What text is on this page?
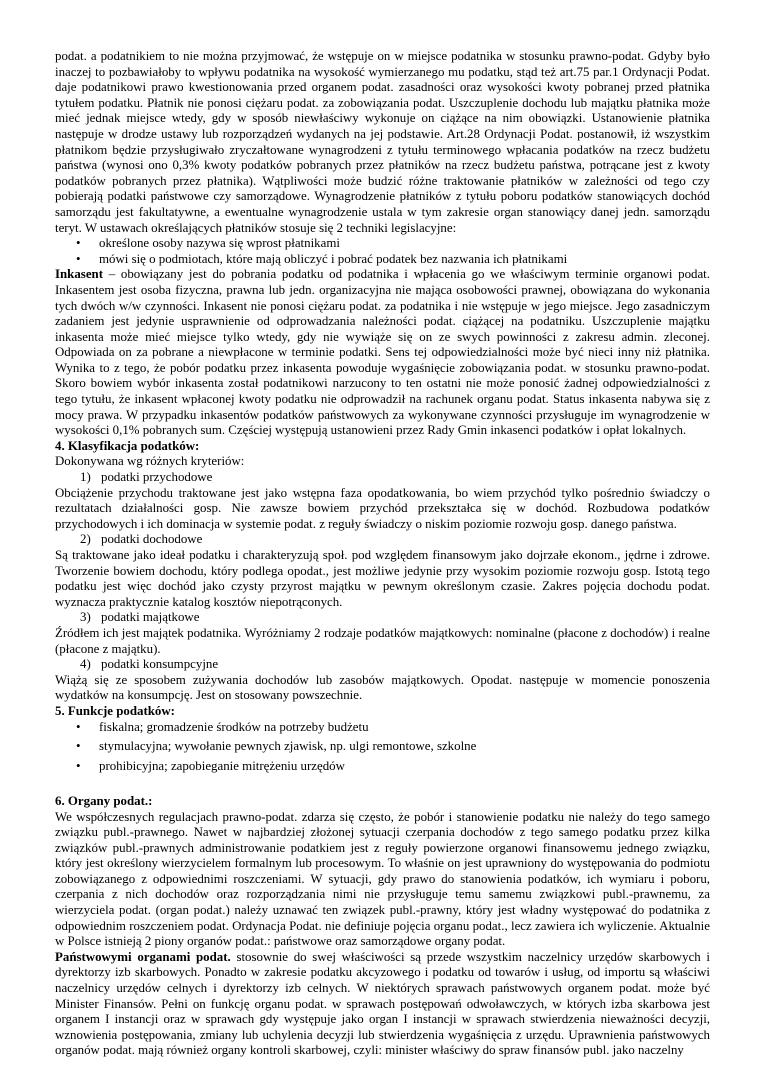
podat. a podatnikiem to nie można przyjmować, że wstępuje on w miejsce podatnika w stosunku prawno-podat. Gdyby było inaczej to pozbawiałoby to wpływu podatnika na wysokość wymierzanego mu podatku, stąd też art.75 par.1 Ordynacji Podat. daje podatnikowi prawo kwestionowania przed organem podat. zasadności oraz wysokości kwoty pobranej przed płatnika tytułem podatku. Płatnik nie ponosi ciężaru podat. za zobowiązania podat. Uszczuplenie dochodu lub majątku płatnika może mieć jednak miejsce wtedy, gdy w sposób niewłaściwy wykonuje on ciążące na nim obowiązki. Ustanowienie płatnika następuje w drodze ustawy lub rozporządzeń wydanych na jej podstawie. Art.28 Ordynacji Podat. postanowił, iż wszystkim płatnikom będzie przysługiwało zryczałtowane wynagrodzeni z tytułu terminowego wpłacania podatków na rzecz budżetu państwa (wynosi ono 0,3% kwoty podatków pobranych przez płatników na rzecz budżetu państwa, potrącane jest z kwoty podatków pobranych przez płatnika). Wątpliwości może budzić różne traktowanie płatników w zależności od tego czy pobierają podatki państwowe czy samorządowe. Wynagrodzenie płatników z tytułu poboru podatków stanowiących dochód samorządu jest fakultatywne, a ewentualne wynagrodzenie ustala w tym zakresie organ stanowiący danej jedn. samorządu teryt. W ustawach określających płatników stosuje się 2 techniki legislacyjne:

• określone osoby nazywa się wprost płatnikami
• mówi się o podmiotach, które mają obliczyć i pobrać podatek bez nazwania ich płatnikami

Inkasent – obowiązany jest do pobrania podatku od podatnika i wpłacenia go we właściwym terminie organowi podat. Inkasentem jest osoba fizyczna, prawna lub jedn. organizacyjna nie mająca osobowości prawnej, obowiązana do wykonania tych dwóch w/w czynności. Inkasent nie ponosi ciężaru podat. za podatnika i nie wstępuje w jego miejsce. Jego zasadniczym zadaniem jest jedynie usprawnienie od odprowadzania należności podat. ciążącej na podatniku. Uszczuplenie majątku inkasenta może mieć miejsce tylko wtedy, gdy nie wywiąże się on ze swych powinności z zakresu admin. zleconej. Odpowiada on za pobrane a niewpłacone w terminie podatki. Sens tej odpowiedzialności może być nieci inny niż płatnika. Wynika to z tego, że pobór podatku przez inkasenta powoduje wygaśnięcie zobowiązania podat. w stosunku prawno-podat. Skoro bowiem wybór inkasenta został podatnikowi narzucony to ten ostatni nie może ponosić żadnej odpowiedzialności z tego tytułu, że inkasent wpłaconej kwoty podatku nie odprowadził na rachunek organu podat. Status inkasenta nabywa się z mocy prawa. W przypadku inkasentów podatków państwowych za wykonywane czynności przysługuje im wynagrodzenie w wysokości 0,1% pobranych sum. Częściej występują ustanowieni przez Rady Gmin inkasenci podatków i opłat lokalnych.

4. Klasyfikacja podatków:

Dokonywana wg różnych kryteriów:

1) podatki przychodowe

Obciążenie przychodu traktowane jest jako wstępna faza opodatkowania, bo wiem przychód tylko pośrednio świadczy o rezultatach działalności gosp. Nie zawsze bowiem przychód przekształca się w dochód. Rozbudowa podatków przychodowych i ich dominacja w systemie podat. z reguły świadczy o niskim poziomie rozwoju gosp. danego państwa.

2) podatki dochodowe

Są traktowane jako ideał podatku i charakteryzują społ. pod względem finansowym jako dojrzałe ekonom., jędrne i zdrowe. Tworzenie bowiem dochodu, który podlega opodat., jest możliwe jedynie przy wysokim poziomie rozwoju gosp. Istotą tego podatku jest więc dochód jako czysty przyrost majątku w pewnym określonym czasie. Zakres pojęcia dochodu podat. wyznacza praktycznie katalog kosztów niepotrąconych.

3) podatki majątkowe

Źródłem ich jest majątek podatnika. Wyróżniamy 2 rodzaje podatków majątkowych: nominalne (płacone z dochodów) i realne (płacone z majątku).

4) podatki konsumpcyjne

Wiążą się ze sposobem zużywania dochodów lub zasobów majątkowych. Opodat. następuje w momencie ponoszenia wydatków na konsumpcję. Jest on stosowany powszechnie.

5. Funkcje podatków:

• fiskalna; gromadzenie środków na potrzeby budżetu
• stymulacyjna; wywołanie pewnych zjawisk, np. ulgi remontowe, szkolne
• prohibicyjna; zapobieganie mitrężeniu urzędów

6. Organy podat.:

We współczesnych regulacjach prawno-podat. zdarza się często, że pobór i stanowienie podatku nie należy do tego samego związku publ.-prawnego. Nawet w najbardziej złożonej sytuacji czerpania dochodów z tego samego podatku przez kilka związków publ.-prawnych administrowanie podatkiem jest z reguły powierzone organowi finansowemu jednego związku, który jest określony wierzycielem formalnym lub procesowym. To właśnie on jest uprawniony do występowania do podmiotu zobowiązanego z odpowiednimi roszczeniami. W sytuacji, gdy prawo do stanowienia podatków, ich wymiaru i poboru, czerpania z nich dochodów oraz rozporządzania nimi nie przysługuje temu samemu związkowi publ.-prawnemu, za wierzyciela podat. (organ podat.) należy uznawać ten związek publ.-prawny, który jest władny występować do podatnika z odpowiednim roszczeniem podat. Ordynacja Podat. nie definiuje pojęcia organu podat., lecz zawiera ich wyliczenie. Aktualnie w Polsce istnieją 2 piony organów podat.: państwowe oraz samorządowe organy podat.

Państwowymi organami podat. stosownie do swej właściwości są przede wszystkim naczelnicy urzędów skarbowych i dyrektorzy izb skarbowych. Ponadto w zakresie podatku akcyzowego i podatku od towarów i usług, od importu są właściwi naczelnicy urzędów celnych i dyrektorzy izb celnych. W niektórych sprawach państwowych organem podat. może być Minister Finansów. Pełni on funkcję organu podat. w sprawach postępowań odwoławczych, w których izba skarbowa jest organem I instancji oraz w sprawach gdy występuje jako organ I instancji w sprawach stwierdzenia nieważności decyzji, wznowienia postępowania, zmiany lub uchylenia decyzji lub stwierdzenia wygaśnięcia z urzędu. Uprawnienia państwowych organów podat. mają również organy kontroli skarbowej, czyli: minister właściwy do spraw finansów publ. jako naczelny
